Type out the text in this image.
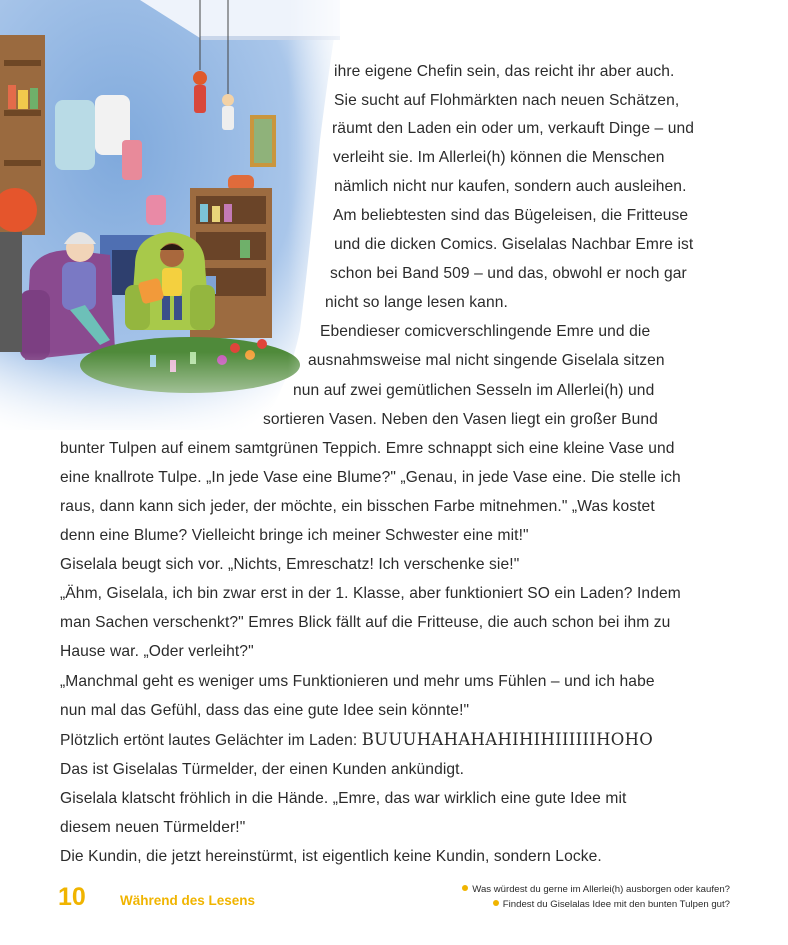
ihre eigene Chefin sein, das reicht ihr aber auch.
Sie sucht auf Flohmärkten nach neuen Schätzen,
räumt den Laden ein oder um, verkauft Dinge – und
verleiht sie. Im Allerlei(h) können die Menschen
nämlich nicht nur kaufen, sondern auch ausleihen.
Am beliebtesten sind das Bügeleisen, die Fritteuse
und die dicken Comics. Giselalas Nachbar Emre ist
schon bei Band 509 – und das, obwohl er noch gar
nicht so lange lesen kann.
Ebendieser comicverschlingende Emre und die
ausnahmsweise mal nicht singende Giselala sitzen
nun auf zwei gemütlichen Sesseln im Allerlei(h) und
sortieren Vasen. Neben den Vasen liegt ein großer Bund
bunter Tulpen auf einem samtgrünen Teppich. Emre schnappt sich eine kleine Vase und
eine knallrote Tulpe. „In jede Vase eine Blume?" „Genau, in jede Vase eine. Die stelle ich
raus, dann kann sich jeder, der möchte, ein bisschen Farbe mitnehmen." „Was kostet
denn eine Blume? Vielleicht bringe ich meiner Schwester eine mit!"
Giselala beugt sich vor. „Nichts, Emreschatz! Ich verschenke sie!"
„Ähm, Giselala, ich bin zwar erst in der 1. Klasse, aber funktioniert SO ein Laden? Indem
man Sachen verschenkt?" Emres Blick fällt auf die Fritteuse, die auch schon bei ihm zu
Hause war. „Oder verleiht?"
„Manchmal geht es weniger ums Funktionieren und mehr ums Fühlen – und ich habe
nun mal das Gefühl, dass das eine gute Idee sein könnte!"
Plötzlich ertönt lautes Gelächter im Laden: BUUUHAHAHAHIHIHIIIIIIHOHO
Das ist Giselalas Türmelder, der einen Kunden ankündigt.
Giselala klatscht fröhlich in die Hände. „Emre, das war wirklich eine gute Idee mit
diesem neuen Türmelder!"
Die Kundin, die jetzt hereinstürmt, ist eigentlich keine Kundin, sondern Locke.
10	Während des Lesens
Was würdest du gerne im Allerlei(h) ausborgen oder kaufen?
Findest du Giselalas Idee mit den bunten Tulpen gut?
